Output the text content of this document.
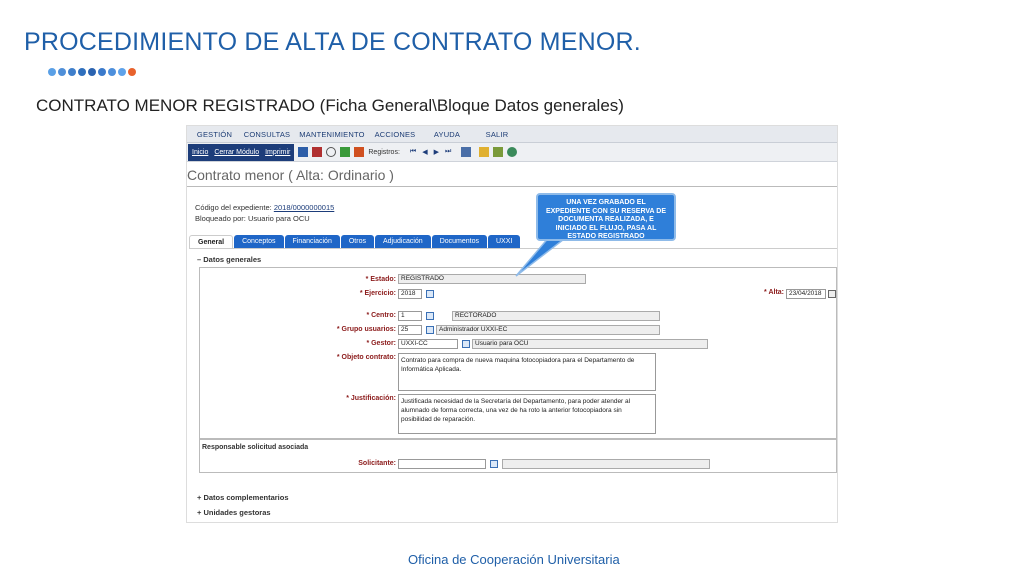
PROCEDIMIENTO DE ALTA DE CONTRATO MENOR.
CONTRATO MENOR REGISTRADO (Ficha General\Bloque Datos generales)
GESTIÓN	CONSULTAS	MANTENIMIENTO	ACCIONES	AYUDA	SALIR
Inicio Cerrar Módulo Imprimir	Registros: ⏮ ◀ ▶ ⏭
Contrato menor ( Alta: Ordinario )
Código del expediente: 2018/0000000015
Bloqueado por: Usuario para OCU
General	Conceptos	Financiación	Otros	Adjudicación	Documentos	UXXI
– Datos generales
* Estado: REGISTRADO
* Ejercicio: 2018	* Alta: 23/04/2018
* Centro: 1	RECTORADO
* Grupo usuarios: 25	Administrador UXXI-EC
* Gestor: UXXI-CC	Usuario para OCU
* Objeto contrato: Contrato para compra de nueva maquina fotocopiadora para el Departamento de Informática Aplicada.
* Justificación: Justificada necesidad de la Secretaría del Departamento, para poder atender al alumnado de forma correcta, una vez de ha roto la anterior fotocopiadora sin posibilidad de reparación.
Responsable solicitud asociada
Solicitante:
+ Datos complementarios
+ Unidades gestoras
UNA VEZ GRABADO EL EXPEDIENTE CON SU RESERVA DE DOCUMENTA REALIZADA, E INICIADO EL FLUJO, PASA AL ESTADO REGISTRADO
Oficina de Cooperación Universitaria
